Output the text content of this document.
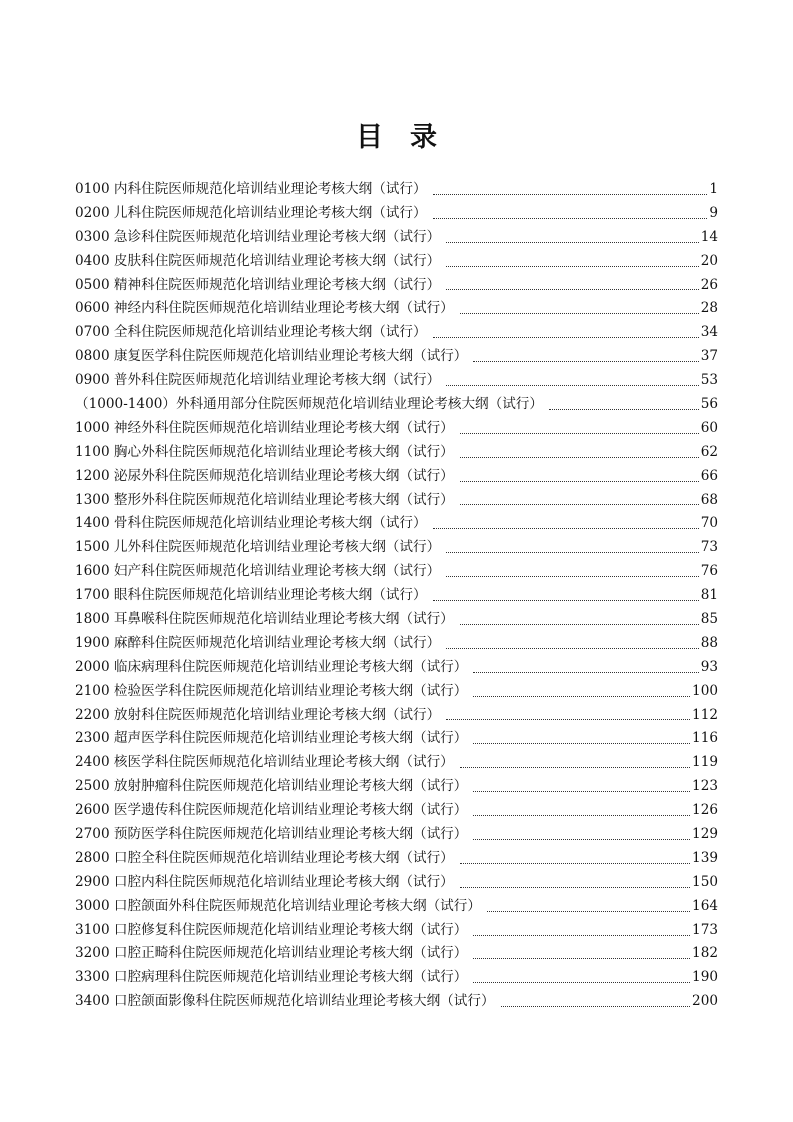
目　录
0100 内科住院医师规范化培训结业理论考核大纲（试行）	1
0200 儿科住院医师规范化培训结业理论考核大纲（试行）	9
0300 急诊科住院医师规范化培训结业理论考核大纲（试行）	14
0400 皮肤科住院医师规范化培训结业理论考核大纲（试行）	20
0500 精神科住院医师规范化培训结业理论考核大纲（试行）	26
0600 神经内科住院医师规范化培训结业理论考核大纲（试行）	28
0700 全科住院医师规范化培训结业理论考核大纲（试行）	34
0800 康复医学科住院医师规范化培训结业理论考核大纲（试行）	37
0900 普外科住院医师规范化培训结业理论考核大纲（试行）	53
（1000-1400）外科通用部分住院医师规范化培训结业理论考核大纲（试行）	56
1000 神经外科住院医师规范化培训结业理论考核大纲（试行）	60
1100 胸心外科住院医师规范化培训结业理论考核大纲（试行）	62
1200 泌尿外科住院医师规范化培训结业理论考核大纲（试行）	66
1300 整形外科住院医师规范化培训结业理论考核大纲（试行）	68
1400 骨科住院医师规范化培训结业理论考核大纲（试行）	70
1500 儿外科住院医师规范化培训结业理论考核大纲（试行）	73
1600 妇产科住院医师规范化培训结业理论考核大纲（试行）	76
1700 眼科住院医师规范化培训结业理论考核大纲（试行）	81
1800 耳鼻喉科住院医师规范化培训结业理论考核大纲（试行）	85
1900 麻醉科住院医师规范化培训结业理论考核大纲（试行）	88
2000 临床病理科住院医师规范化培训结业理论考核大纲（试行）	93
2100 检验医学科住院医师规范化培训结业理论考核大纲（试行）	100
2200 放射科住院医师规范化培训结业理论考核大纲（试行）	112
2300 超声医学科住院医师规范化培训结业理论考核大纲（试行）	116
2400 核医学科住院医师规范化培训结业理论考核大纲（试行）	119
2500 放射肿瘤科住院医师规范化培训结业理论考核大纲（试行）	123
2600 医学遗传科住院医师规范化培训结业理论考核大纲（试行）	126
2700 预防医学科住院医师规范化培训结业理论考核大纲（试行）	129
2800 口腔全科住院医师规范化培训结业理论考核大纲（试行）	139
2900 口腔内科住院医师规范化培训结业理论考核大纲（试行）	150
3000 口腔颌面外科住院医师规范化培训结业理论考核大纲（试行）	164
3100 口腔修复科住院医师规范化培训结业理论考核大纲（试行）	173
3200 口腔正畸科住院医师规范化培训结业理论考核大纲（试行）	182
3300 口腔病理科住院医师规范化培训结业理论考核大纲（试行）	190
3400 口腔颌面影像科住院医师规范化培训结业理论考核大纲（试行）	200
